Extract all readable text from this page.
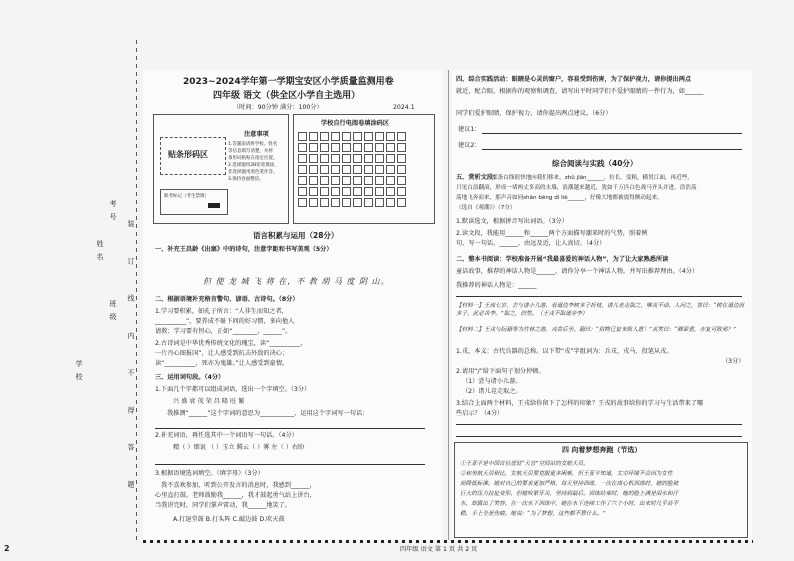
2
学校
姓名
班级
考号
装 订 线 内 不 得 答 题
2023~2024学年第一学期宝安区小学质量监测用卷
四年级 语文（供全区小学自主选用）
（时间：90分钟 满分：100分）	2024.1
贴条形码区
注意事项
1.答题前请将学校、姓名
等信息填写清楚，并将
条形码粘贴在指定位置。
2.选择题用2B铅笔填涂，
非选择题用黑色笔作答。
3.保持卷面整洁。
缺考标记（考生禁填）
学校自行电阅卷填涂码区
语言积累与运用（28分）
一、补充王昌龄《出塞》中的诗句，注意字距和书写美观（5分）
但 使 龙 城 飞 将 在，不 教 胡 马 度 阴 山。
二、根据语境补充格言警句、谚语、古诗句。（8分）
1.学习要积累，如孔子所言：“人非生而知之者，
__________”，要养成不耻下问的好习惯，多向他人
请教；学习要有恒心，正如“________，______”。
2.古诗词是中华优秀传统文化的瑰宝，读“__________，
一片丹心图报国”，让人感受到抗击外敌的决心；
读“__________，死亦为鬼雄。”让人感受到豪情。
三、运用词句段。（4分）
1.下面几个字都可以组成词语，选出一个字填空。（3分）
兴 盛 衰 茂 荣 昌 隆 旺 繁
我推测“______”这个字词的意思为___________，运用这个字词写一句话：
2.补充词语，再任选其中一个词语写一句话。（4分）
精（ ）细说 （ ）玉立 腾云（ ）雾 左（ ）右盼
3.根据语境选词填空。（填字母）（3分）
我不喜欢参加，听到公开发言的消息时，我感到______，
心里直打鼓。老师鼓励我______，我才鼓起勇气站上讲台，
当我讲完时，同学们掌声雷动，我______地笑了。
A.打退堂鼓 B.打头阵 C.敲边鼓 D.吹天鼓
四、综合实践活动：眼睛是心灵的窗户，容易受到伤害，为了保护视力，请你提出两点
就近，配合眼，根据你的观察和调查，请写出平时同学们不爱护眼睛的一件行为，如______
同学们爱护眼睛，保护视力，请你提出两点建议。（6分）
建议1：
建议2：
综合阅读与实践（40分）
五、赏析文段：
那条白线很快地向我们移来，zhǔ jiān______，拉长，变粗，横贯江面，再近些，
只见白浪翻滚，形成一堵两丈多高的水墙，浪潮越来越近，犹如千万匹白色战马齐头并进，浩浩荡
荡地飞奔而来，那声音如同shān bēng dì liè______，好像大地都被震得颤动起来。
（选自《观潮》）（7分）
1.默读选文，根据拼音写出词语。（3分）
2.读文段，我能用______和______两个方面描写潮来时的气势，照着例
句，写一句话。______，由远及近，让人真切。（4分）
二、整本书阅读：学校准备开展“我最喜爱的神话人物”，为了让大家熟悉所读
童话故事，推荐的神话人物是______，请你分享一个神话人物，并写出推荐理由。（4分）
我推荐的神话人物是：______
【材料一】王成七岁，去与诸小儿游，看道边李树多子折枝，诸儿竞走取之，唯戎不动。人问之，答曰：“树在道边而多子，此必苦李。”取之，信然。（王戎不取道旁李）
【材料二】王戎与阮籍等为竹林之游，戎尝后至。籍曰：“俗物已复来败人意！”戎笑曰：“卿辈意，亦复可败邪？”
1.戎，本义：古代兵器的总称。以下带“戎”字组词为：兵戎、戎马、投笔从戎。
（3分）
2.请用“/”给下面句子划分停顿。
（1）尝与诸小儿游。
（2）诸儿竞走取之。
3.结合上面两个材料，王戎给你留下了怎样的印象？王戎的故事给你的学习与生活带来了哪
些启示？（4分）
四 向着梦想奔跑（节选）
①王亚平是中国首位进驻“天宫”空间站的女航天员。
②和男航天员相比，女航天员要克服更多困难，但王亚平知道，太空环境不会因为女性
而降低标准。她对自己的要求更加严格，每天坚持训练，一次在离心机训练时，她的脸被
巨大的压力拉扯变形，但她咬紧牙关，坚持到最后。训练结束时，她的脸上满是泪水和汗
水，却露出了笑容。在一次水下训练中，她在水下连续工作了六个小时，出来时几乎站不
稳，手上全是伤痕。她说：“为了梦想，这些都不算什么。”
四年级 语文 第 1 页 共 2 页
